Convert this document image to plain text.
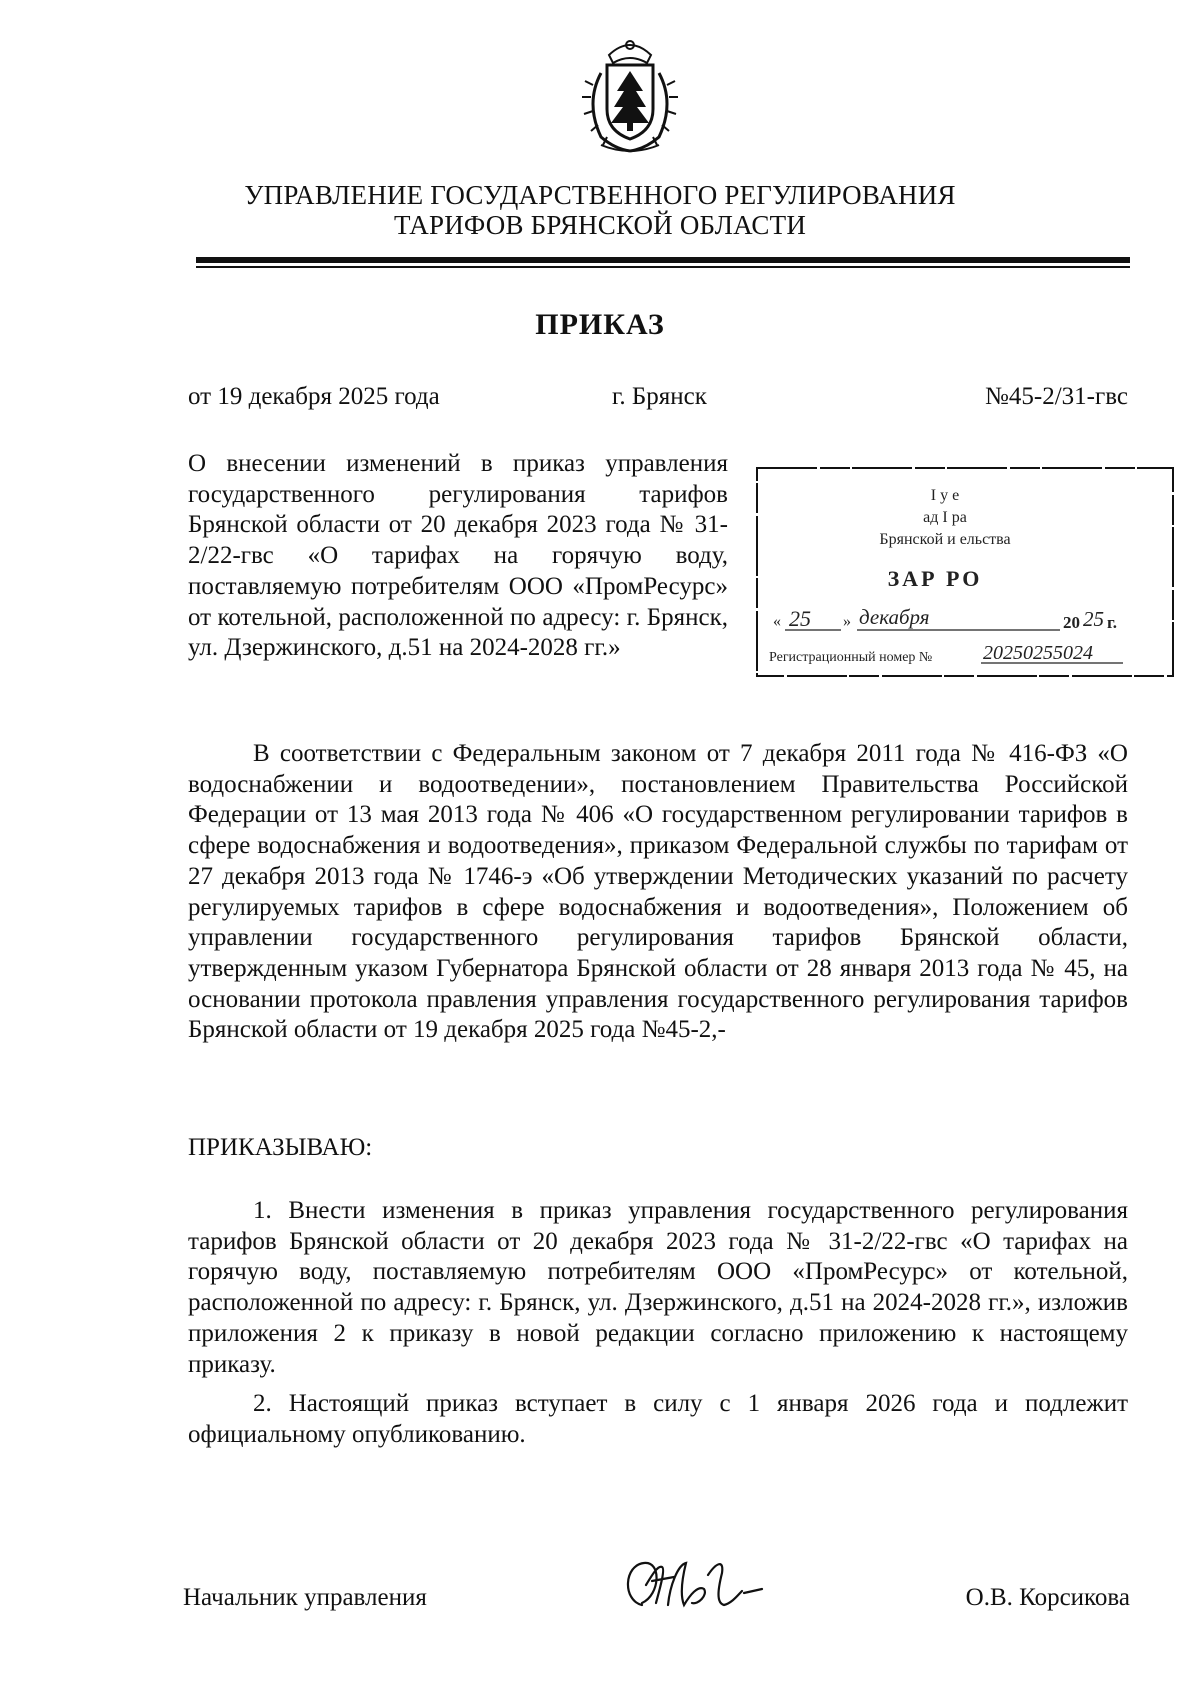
УПРАВЛЕНИЕ ГОСУДАРСТВЕННОГО РЕГУЛИРОВАНИЯ
ТАРИФОВ БРЯНСКОЙ ОБЛАСТИ
ПРИКАЗ
от 19 декабря 2025 года	г. Брянск	№45-2/31-гвс
О внесении изменений в приказ управления государственного регулирования тарифов Брянской области от 20 декабря 2023 года № 31-2/22-гвс «О тарифах на горячую воду, поставляемую потребителям ООО «ПромРесурс» от котельной, расположенной по адресу: г. Брянск, ул. Дзержинского, д.51 на 2024-2028 гг.»
I у е
ад I ра
Брянской и ельства
ЗАР РО
« 25 » декабря	20 25 г.
Регистрационный номер №	20250255024
В соответствии с Федеральным законом от 7 декабря 2011 года № 416-ФЗ «О водоснабжении и водоотведении», постановлением Правительства Российской Федерации от 13 мая 2013 года № 406 «О государственном регулировании тарифов в сфере водоснабжения и водоотведения», приказом Федеральной службы по тарифам от 27 декабря 2013 года № 1746-э «Об утверждении Методических указаний по расчету регулируемых тарифов в сфере водоснабжения и водоотведения», Положением об управлении государственного регулирования тарифов Брянской области, утвержденным указом Губернатора Брянской области от 28 января 2013 года № 45, на основании протокола правления управления государственного регулирования тарифов Брянской области от 19 декабря 2025 года №45-2,-
ПРИКАЗЫВАЮ:
1. Внести изменения в приказ управления государственного регулирования тарифов Брянской области от 20 декабря 2023 года № 31-2/22-гвс «О тарифах на горячую воду, поставляемую потребителям ООО «ПромРесурс» от котельной, расположенной по адресу: г. Брянск, ул. Дзержинского, д.51 на 2024-2028 гг.», изложив приложения 2 к приказу в новой редакции согласно приложению к настоящему приказу.
2. Настоящий приказ вступает в силу с 1 января 2026 года и подлежит официальному опубликованию.
Начальник управления	О.В. Корсикова
